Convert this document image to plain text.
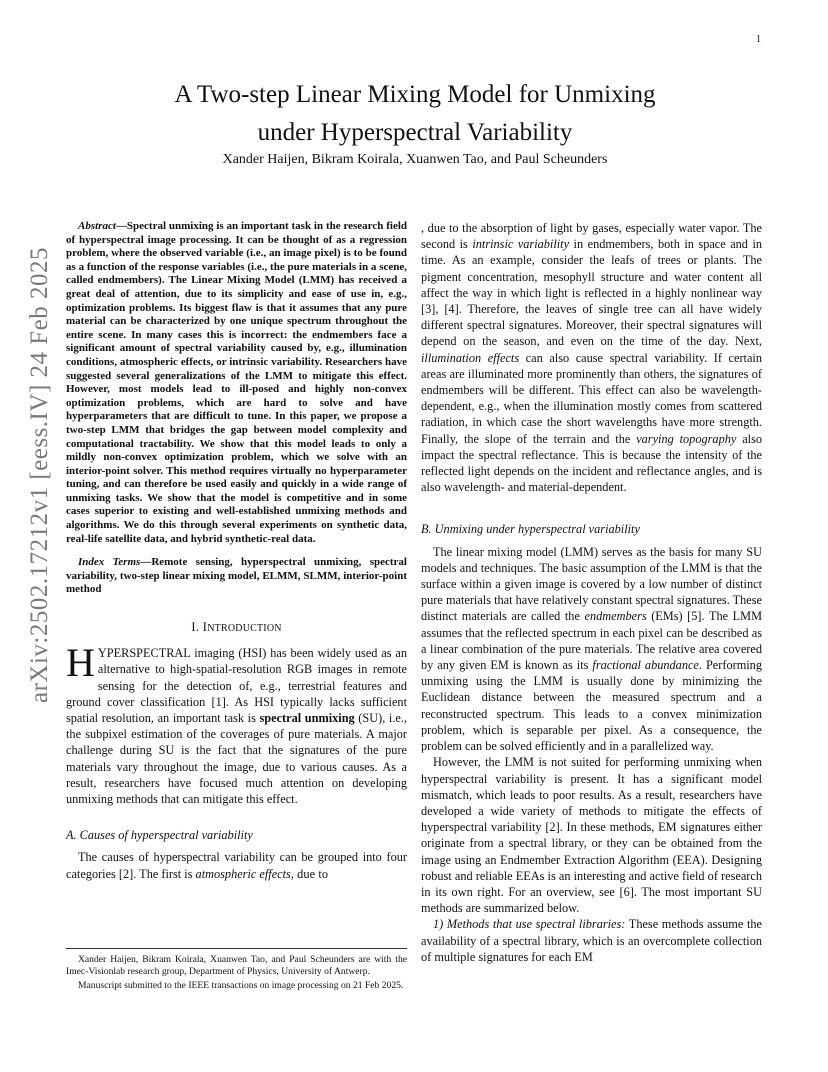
1
arXiv:2502.17212v1 [eess.IV] 24 Feb 2025
A Two-step Linear Mixing Model for Unmixing
under Hyperspectral Variability
Xander Haijen, Bikram Koirala, Xuanwen Tao, and Paul Scheunders

Abstract—Spectral unmixing is an important task in the research field of hyperspectral image processing. It can be thought of as a regression problem, where the observed variable (i.e., an image pixel) is to be found as a function of the response variables (i.e., the pure materials in a scene, called endmembers). The Linear Mixing Model (LMM) has received a great deal of attention, due to its simplicity and ease of use in, e.g., optimization problems. Its biggest flaw is that it assumes that any pure material can be characterized by one unique spectrum throughout the entire scene. In many cases this is incorrect: the endmembers face a significant amount of spectral variability caused by, e.g., illumination conditions, atmospheric effects, or intrinsic variability. Researchers have suggested several generalizations of the LMM to mitigate this effect. However, most models lead to ill-posed and highly non-convex optimization problems, which are hard to solve and have hyperparameters that are difficult to tune. In this paper, we propose a two-step LMM that bridges the gap between model complexity and computational tractability. We show that this model leads to only a mildly non-convex optimization problem, which we solve with an interior-point solver. This method requires virtually no hyperparameter tuning, and can therefore be used easily and quickly in a wide range of unmixing tasks. We show that the model is competitive and in some cases superior to existing and well-established unmixing methods and algorithms. We do this through several experiments on synthetic data, real-life satellite data, and hybrid synthetic-real data.

Index Terms—Remote sensing, hyperspectral unmixing, spectral variability, two-step linear mixing model, ELMM, SLMM, interior-point method

I. INTRODUCTION

HYPERSPECTRAL imaging (HSI) has been widely used as an alternative to high-spatial-resolution RGB images in remote sensing for the detection of, e.g., terrestrial features and ground cover classification [1]. As HSI typically lacks sufficient spatial resolution, an important task is spectral unmixing (SU), i.e., the subpixel estimation of the coverages of pure materials. A major challenge during SU is the fact that the signatures of the pure materials vary throughout the image, due to various causes. As a result, researchers have focused much attention on developing unmixing methods that can mitigate this effect.

A. Causes of hyperspectral variability

The causes of hyperspectral variability can be grouped into four categories [2]. The first is atmospheric effects, due to

Xander Haijen, Bikram Koirala, Xuanwen Tao, and Paul Scheunders are with the Imec-Visionlab research group, Department of Physics, University of Antwerp.

Manuscript submitted to the IEEE transactions on image processing on 21 Feb 2025.

, due to the absorption of light by gases, especially water vapor. The second is intrinsic variability in endmembers, both in space and in time. As an example, consider the leafs of trees or plants. The pigment concentration, mesophyll structure and water content all affect the way in which light is reflected in a highly nonlinear way [3], [4]. Therefore, the leaves of single tree can all have widely different spectral signatures. Moreover, their spectral signatures will depend on the season, and even on the time of the day. Next, illumination effects can also cause spectral variability. If certain areas are illuminated more prominently than others, the signatures of endmembers will be different. This effect can also be wavelength-dependent, e.g., when the illumination mostly comes from scattered radiation, in which case the short wavelengths have more strength. Finally, the slope of the terrain and the varying topography also impact the spectral reflectance. This is because the intensity of the reflected light depends on the incident and reflectance angles, and is also wavelength- and material-dependent.

B. Unmixing under hyperspectral variability

The linear mixing model (LMM) serves as the basis for many SU models and techniques. The basic assumption of the LMM is that the surface within a given image is covered by a low number of distinct pure materials that have relatively constant spectral signatures. These distinct materials are called the endmembers (EMs) [5]. The LMM assumes that the reflected spectrum in each pixel can be described as a linear combination of the pure materials. The relative area covered by any given EM is known as its fractional abundance. Performing unmixing using the LMM is usually done by minimizing the Euclidean distance between the measured spectrum and a reconstructed spectrum. This leads to a convex minimization problem, which is separable per pixel. As a consequence, the problem can be solved efficiently and in a parallelized way.

However, the LMM is not suited for performing unmixing when hyperspectral variability is present. It has a significant model mismatch, which leads to poor results. As a result, researchers have developed a wide variety of methods to mitigate the effects of hyperspectral variability [2]. In these methods, EM signatures either originate from a spectral library, or they can be obtained from the image using an Endmember Extraction Algorithm (EEA). Designing robust and reliable EEAs is an interesting and active field of research in its own right. For an overview, see [6]. The most important SU methods are summarized below.

1) Methods that use spectral libraries: These methods assume the availability of a spectral library, which is an overcomplete collection of multiple signatures for each EM
